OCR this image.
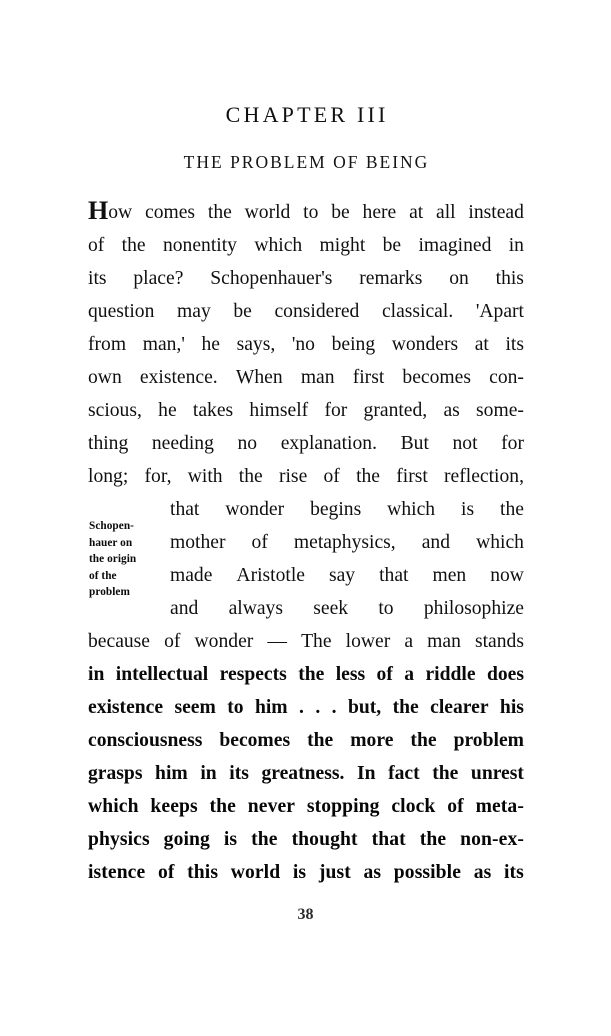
CHAPTER III
THE PROBLEM OF BEING
Schopen-
hauer on
the origin
of the
problem
How comes the world to be here at all instead
of the nonentity which might be imagined in
its place? Schopenhauer's remarks on this
question may be considered classical. 'Apart
from man,' he says, 'no being wonders at its
own existence. When man first becomes con-
scious, he takes himself for granted, as some-
thing needing no explanation. But not for
long; for, with the rise of the first reflection,
that wonder begins which is the
mother of metaphysics, and which
made Aristotle say that men now
and always seek to philosophize
because of wonder — The lower a man stands
in intellectual respects the less of a riddle does
existence seem to him . . . but, the clearer his
consciousness becomes the more the problem
grasps him in its greatness. In fact the unrest
which keeps the never stopping clock of meta-
physics going is the thought that the non-ex-
istence of this world is just as possible as its
38
